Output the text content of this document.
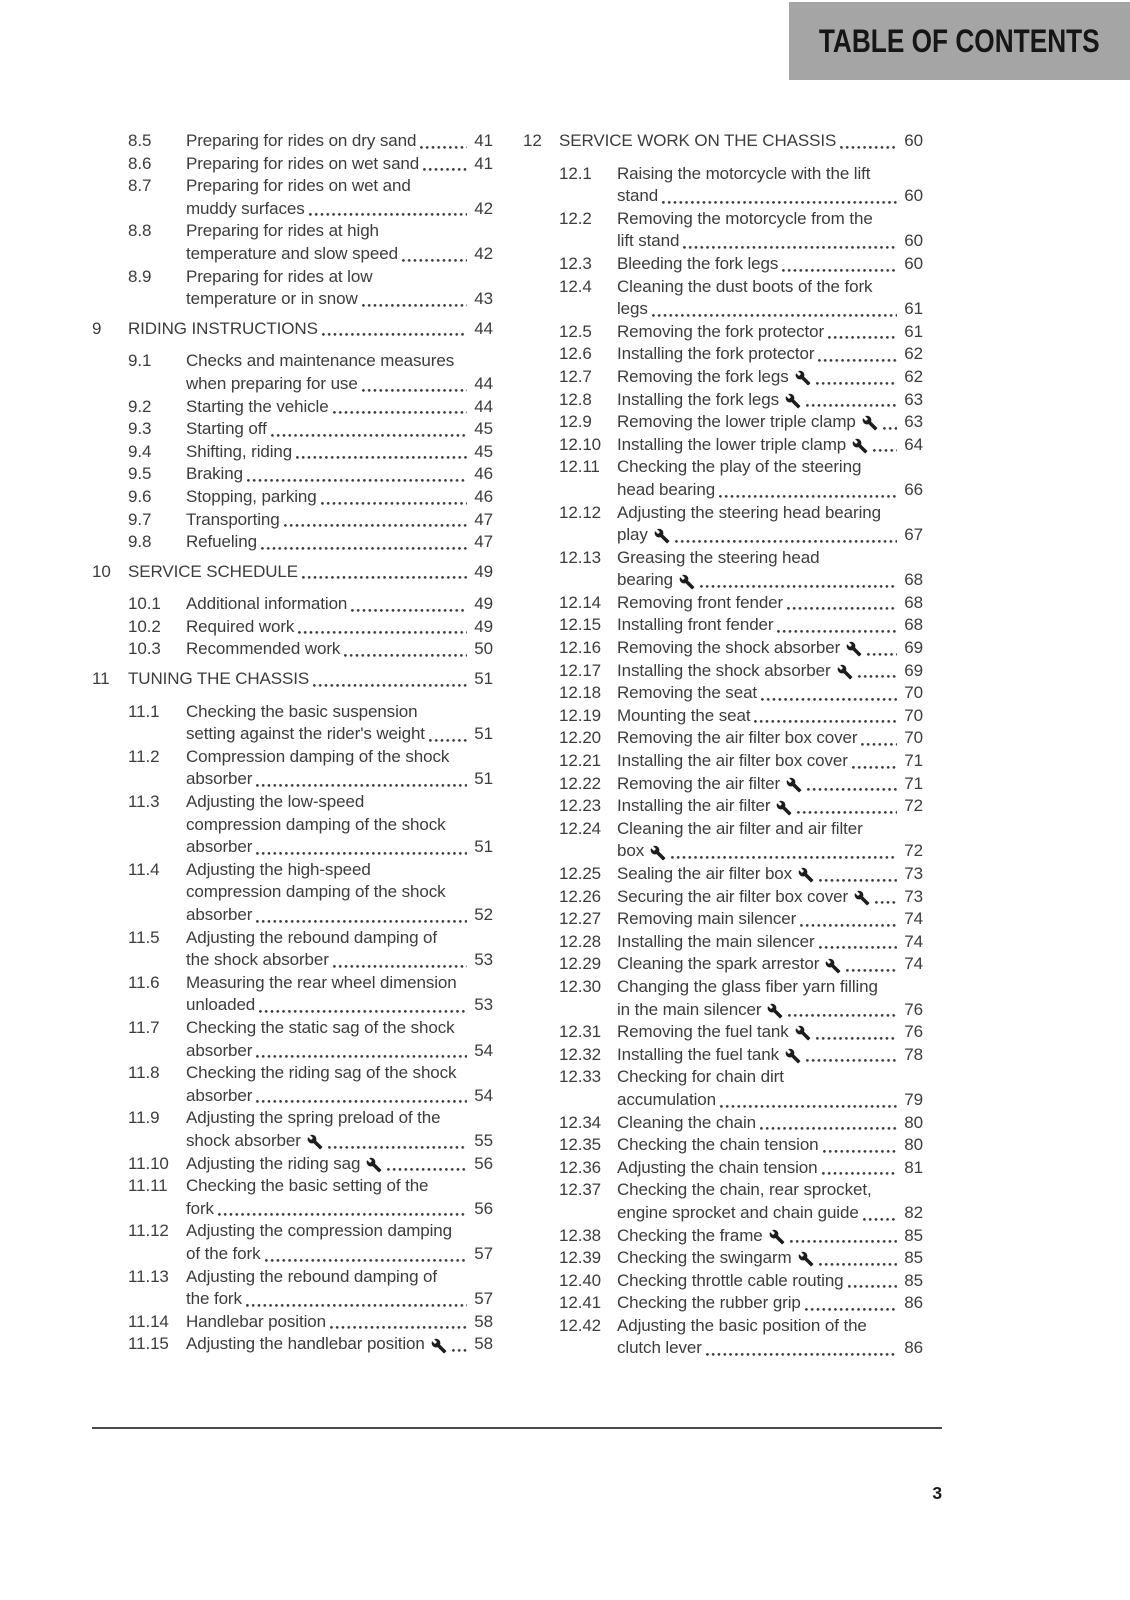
TABLE OF CONTENTS
8.5	Preparing for rides on dry sand	41
8.6	Preparing for rides on wet sand	41
8.7	Preparing for rides on wet and
muddy surfaces	42
8.8	Preparing for rides at high
temperature and slow speed	42
8.9	Preparing for rides at low
temperature or in snow	43
9	RIDING INSTRUCTIONS	44
9.1	Checks and maintenance measures
when preparing for use	44
9.2	Starting the vehicle	44
9.3	Starting off	45
9.4	Shifting, riding	45
9.5	Braking	46
9.6	Stopping, parking	46
9.7	Transporting	47
9.8	Refueling	47
10	SERVICE SCHEDULE	49
10.1	Additional information	49
10.2	Required work	49
10.3	Recommended work	50
11	TUNING THE CHASSIS	51
11.1	Checking the basic suspension
setting against the rider's weight	51
11.2	Compression damping of the shock
absorber	51
11.3	Adjusting the low-speed
compression damping of the shock
absorber	51
11.4	Adjusting the high-speed
compression damping of the shock
absorber	52
11.5	Adjusting the rebound damping of
the shock absorber	53
11.6	Measuring the rear wheel dimension
unloaded	53
11.7	Checking the static sag of the shock
absorber	54
11.8	Checking the riding sag of the shock
absorber	54
11.9	Adjusting the spring preload of the
shock absorber	55
11.10	Adjusting the riding sag	56
11.11	Checking the basic setting of the
fork	56
11.12	Adjusting the compression damping
of the fork	57
11.13	Adjusting the rebound damping of
the fork	57
11.14	Handlebar position	58
11.15	Adjusting the handlebar position	58
12	SERVICE WORK ON THE CHASSIS	60
12.1	Raising the motorcycle with the lift
stand	60
12.2	Removing the motorcycle from the
lift stand	60
12.3	Bleeding the fork legs	60
12.4	Cleaning the dust boots of the fork
legs	61
12.5	Removing the fork protector	61
12.6	Installing the fork protector	62
12.7	Removing the fork legs	62
12.8	Installing the fork legs	63
12.9	Removing the lower triple clamp	63
12.10 Installing the lower triple clamp	64
12.11	Checking the play of the steering
head bearing	66
12.12 Adjusting the steering head bearing
play	67
12.13 Greasing the steering head
bearing	68
12.14 Removing front fender	68
12.15 Installing front fender	68
12.16 Removing the shock absorber	69
12.17 Installing the shock absorber	69
12.18 Removing the seat	70
12.19 Mounting the seat	70
12.20 Removing the air filter box cover	70
12.21 Installing the air filter box cover	71
12.22 Removing the air filter	71
12.23 Installing the air filter	72
12.24 Cleaning the air filter and air filter
box	72
12.25 Sealing the air filter box	73
12.26 Securing the air filter box cover	73
12.27 Removing main silencer	74
12.28 Installing the main silencer	74
12.29 Cleaning the spark arrestor	74
12.30 Changing the glass fiber yarn filling
in the main silencer	76
12.31 Removing the fuel tank	76
12.32 Installing the fuel tank	78
12.33 Checking for chain dirt
accumulation	79
12.34 Cleaning the chain	80
12.35 Checking the chain tension	80
12.36 Adjusting the chain tension	81
12.37 Checking the chain, rear sprocket,
engine sprocket and chain guide	82
12.38 Checking the frame	85
12.39 Checking the swingarm	85
12.40 Checking throttle cable routing	85
12.41 Checking the rubber grip	86
12.42 Adjusting the basic position of the
clutch lever	86
3
